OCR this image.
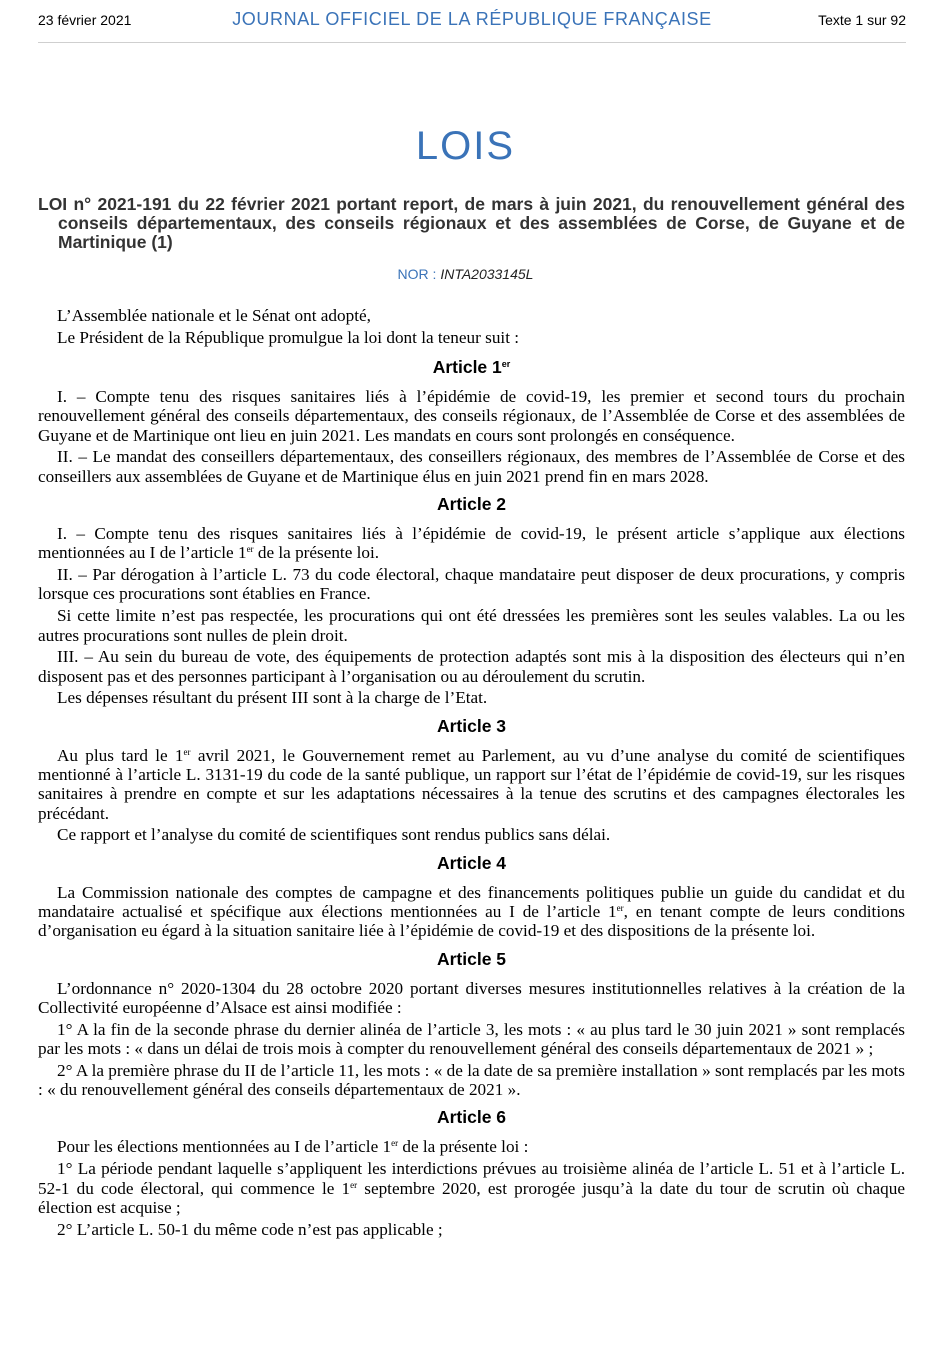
23 février 2021	JOURNAL OFFICIEL DE LA RÉPUBLIQUE FRANÇAISE	Texte 1 sur 92
LOIS

LOI n° 2021-191 du 22 février 2021 portant report, de mars à juin 2021, du renouvellement général des conseils départementaux, des conseils régionaux et des assemblées de Corse, de Guyane et de Martinique (1)

NOR : INTA2033145L

L’Assemblée nationale et le Sénat ont adopté,

Le Président de la République promulgue la loi dont la teneur suit :

Article 1er

I. – Compte tenu des risques sanitaires liés à l’épidémie de covid-19, les premier et second tours du prochain renouvellement général des conseils départementaux, des conseils régionaux, de l’Assemblée de Corse et des assemblées de Guyane et de Martinique ont lieu en juin 2021. Les mandats en cours sont prolongés en conséquence.

II. – Le mandat des conseillers départementaux, des conseillers régionaux, des membres de l’Assemblée de Corse et des conseillers aux assemblées de Guyane et de Martinique élus en juin 2021 prend fin en mars 2028.

Article 2

I. – Compte tenu des risques sanitaires liés à l’épidémie de covid-19, le présent article s’applique aux élections mentionnées au I de l’article 1er de la présente loi.

II. – Par dérogation à l’article L. 73 du code électoral, chaque mandataire peut disposer de deux procurations, y compris lorsque ces procurations sont établies en France.

Si cette limite n’est pas respectée, les procurations qui ont été dressées les premières sont les seules valables. La ou les autres procurations sont nulles de plein droit.

III. – Au sein du bureau de vote, des équipements de protection adaptés sont mis à la disposition des électeurs qui n’en disposent pas et des personnes participant à l’organisation ou au déroulement du scrutin.

Les dépenses résultant du présent III sont à la charge de l’Etat.

Article 3

Au plus tard le 1er avril 2021, le Gouvernement remet au Parlement, au vu d’une analyse du comité de scientifiques mentionné à l’article L. 3131-19 du code de la santé publique, un rapport sur l’état de l’épidémie de covid-19, sur les risques sanitaires à prendre en compte et sur les adaptations nécessaires à la tenue des scrutins et des campagnes électorales les précédant.

Ce rapport et l’analyse du comité de scientifiques sont rendus publics sans délai.

Article 4

La Commission nationale des comptes de campagne et des financements politiques publie un guide du candidat et du mandataire actualisé et spécifique aux élections mentionnées au I de l’article 1er, en tenant compte de leurs conditions d’organisation eu égard à la situation sanitaire liée à l’épidémie de covid-19 et des dispositions de la présente loi.

Article 5

L’ordonnance n° 2020-1304 du 28 octobre 2020 portant diverses mesures institutionnelles relatives à la création de la Collectivité européenne d’Alsace est ainsi modifiée :

1° A la fin de la seconde phrase du dernier alinéa de l’article 3, les mots : « au plus tard le 30 juin 2021 » sont remplacés par les mots : « dans un délai de trois mois à compter du renouvellement général des conseils départementaux de 2021 » ;

2° A la première phrase du II de l’article 11, les mots : « de la date de sa première installation » sont remplacés par les mots : « du renouvellement général des conseils départementaux de 2021 ».

Article 6

Pour les élections mentionnées au I de l’article 1er de la présente loi :

1° La période pendant laquelle s’appliquent les interdictions prévues au troisième alinéa de l’article L. 51 et à l’article L. 52-1 du code électoral, qui commence le 1er septembre 2020, est prorogée jusqu’à la date du tour de scrutin où chaque élection est acquise ;

2° L’article L. 50-1 du même code n’est pas applicable ;
